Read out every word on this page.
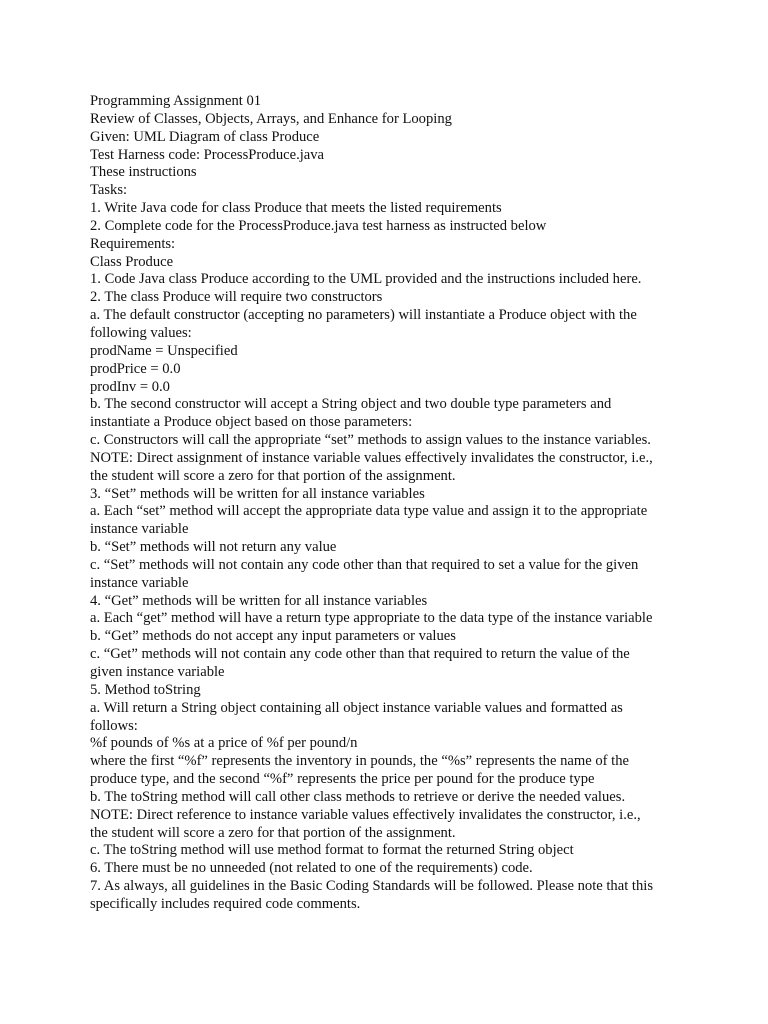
Programming Assignment 01

Review of Classes, Objects, Arrays, and Enhance for Looping

Given: UML Diagram of class Produce

Test Harness code: ProcessProduce.java

These instructions

Tasks:

1. Write Java code for class Produce that meets the listed requirements

2. Complete code for the ProcessProduce.java test harness as instructed below

Requirements:

Class Produce

1. Code Java class Produce according to the UML provided and the instructions included here.

2. The class Produce will require two constructors

a. The default constructor (accepting no parameters) will instantiate a Produce object with the

following values:

prodName = Unspecified

prodPrice = 0.0

prodInv = 0.0

b. The second constructor will accept a String object and two double type parameters and

instantiate a Produce object based on those parameters:

c. Constructors will call the appropriate “set” methods to assign values to the instance variables.

NOTE: Direct assignment of instance variable values effectively invalidates the constructor, i.e.,

the student will score a zero for that portion of the assignment.

3. “Set” methods will be written for all instance variables

a. Each “set” method will accept the appropriate data type value and assign it to the appropriate

instance variable

b. “Set” methods will not return any value

c. “Set” methods will not contain any code other than that required to set a value for the given

instance variable

4. “Get” methods will be written for all instance variables

a. Each “get” method will have a return type appropriate to the data type of the instance variable

b. “Get” methods do not accept any input parameters or values

c. “Get” methods will not contain any code other than that required to return the value of the

given instance variable

5. Method toString

a. Will return a String object containing all object instance variable values and formatted as

follows:

%f pounds of %s at a price of %f per pound/n

where the first “%f” represents the inventory in pounds, the “%s” represents the name of the

produce type, and the second “%f” represents the price per pound for the produce type

b. The toString method will call other class methods to retrieve or derive the needed values.

NOTE: Direct reference to instance variable values effectively invalidates the constructor, i.e.,

the student will score a zero for that portion of the assignment.

c. The toString method will use method format to format the returned String object

6. There must be no unneeded (not related to one of the requirements) code.

7. As always, all guidelines in the Basic Coding Standards will be followed. Please note that this

specifically includes required code comments.
